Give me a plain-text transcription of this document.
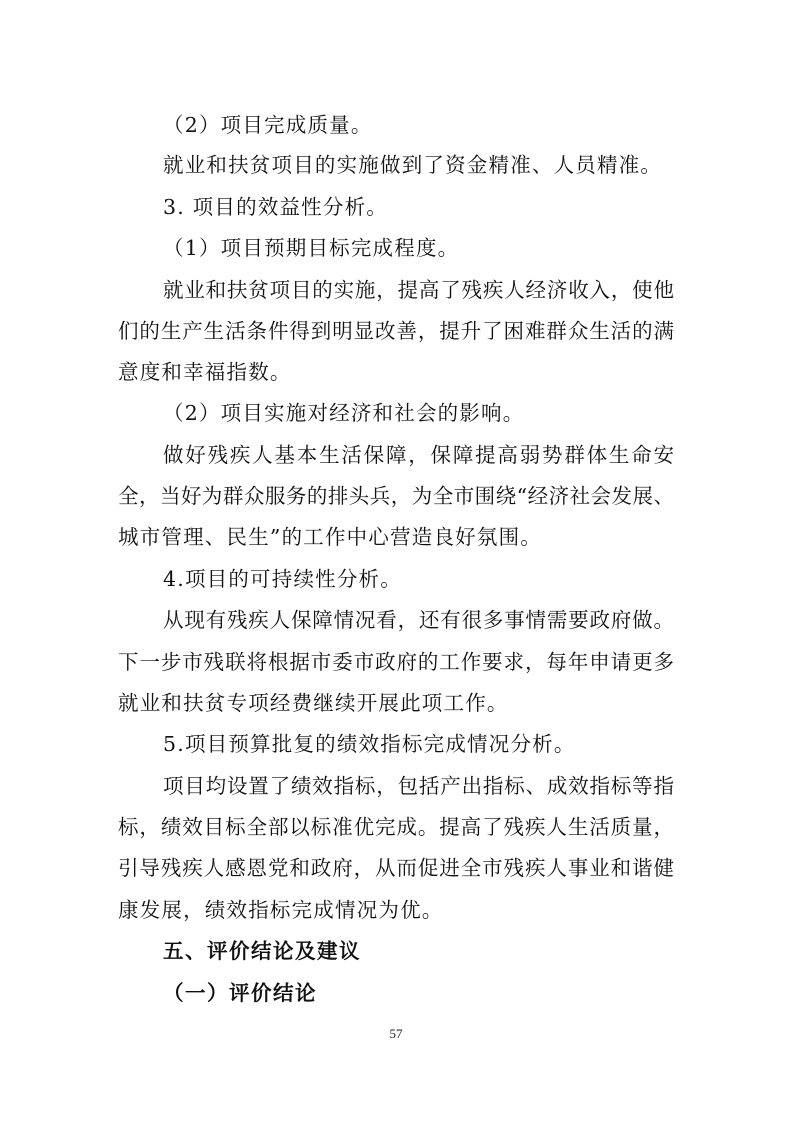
（2）项目完成质量。
就业和扶贫项目的实施做到了资金精准、人员精准。
3. 项目的效益性分析。
（1）项目预期目标完成程度。
就业和扶贫项目的实施，提高了残疾人经济收入，使他
们的生产生活条件得到明显改善，提升了困难群众生活的满
意度和幸福指数。
（2）项目实施对经济和社会的影响。
做好残疾人基本生活保障，保障提高弱势群体生命安
全，当好为群众服务的排头兵，为全市围绕“经济社会发展、
城市管理、民生”的工作中心营造良好氛围。
4.项目的可持续性分析。
从现有残疾人保障情况看，还有很多事情需要政府做。
下一步市残联将根据市委市政府的工作要求，每年申请更多
就业和扶贫专项经费继续开展此项工作。
5.项目预算批复的绩效指标完成情况分析。
项目均设置了绩效指标，包括产出指标、成效指标等指
标，绩效目标全部以标准优完成。提高了残疾人生活质量，
引导残疾人感恩党和政府，从而促进全市残疾人事业和谐健
康发展，绩效指标完成情况为优。
五、评价结论及建议
（一）评价结论
57
